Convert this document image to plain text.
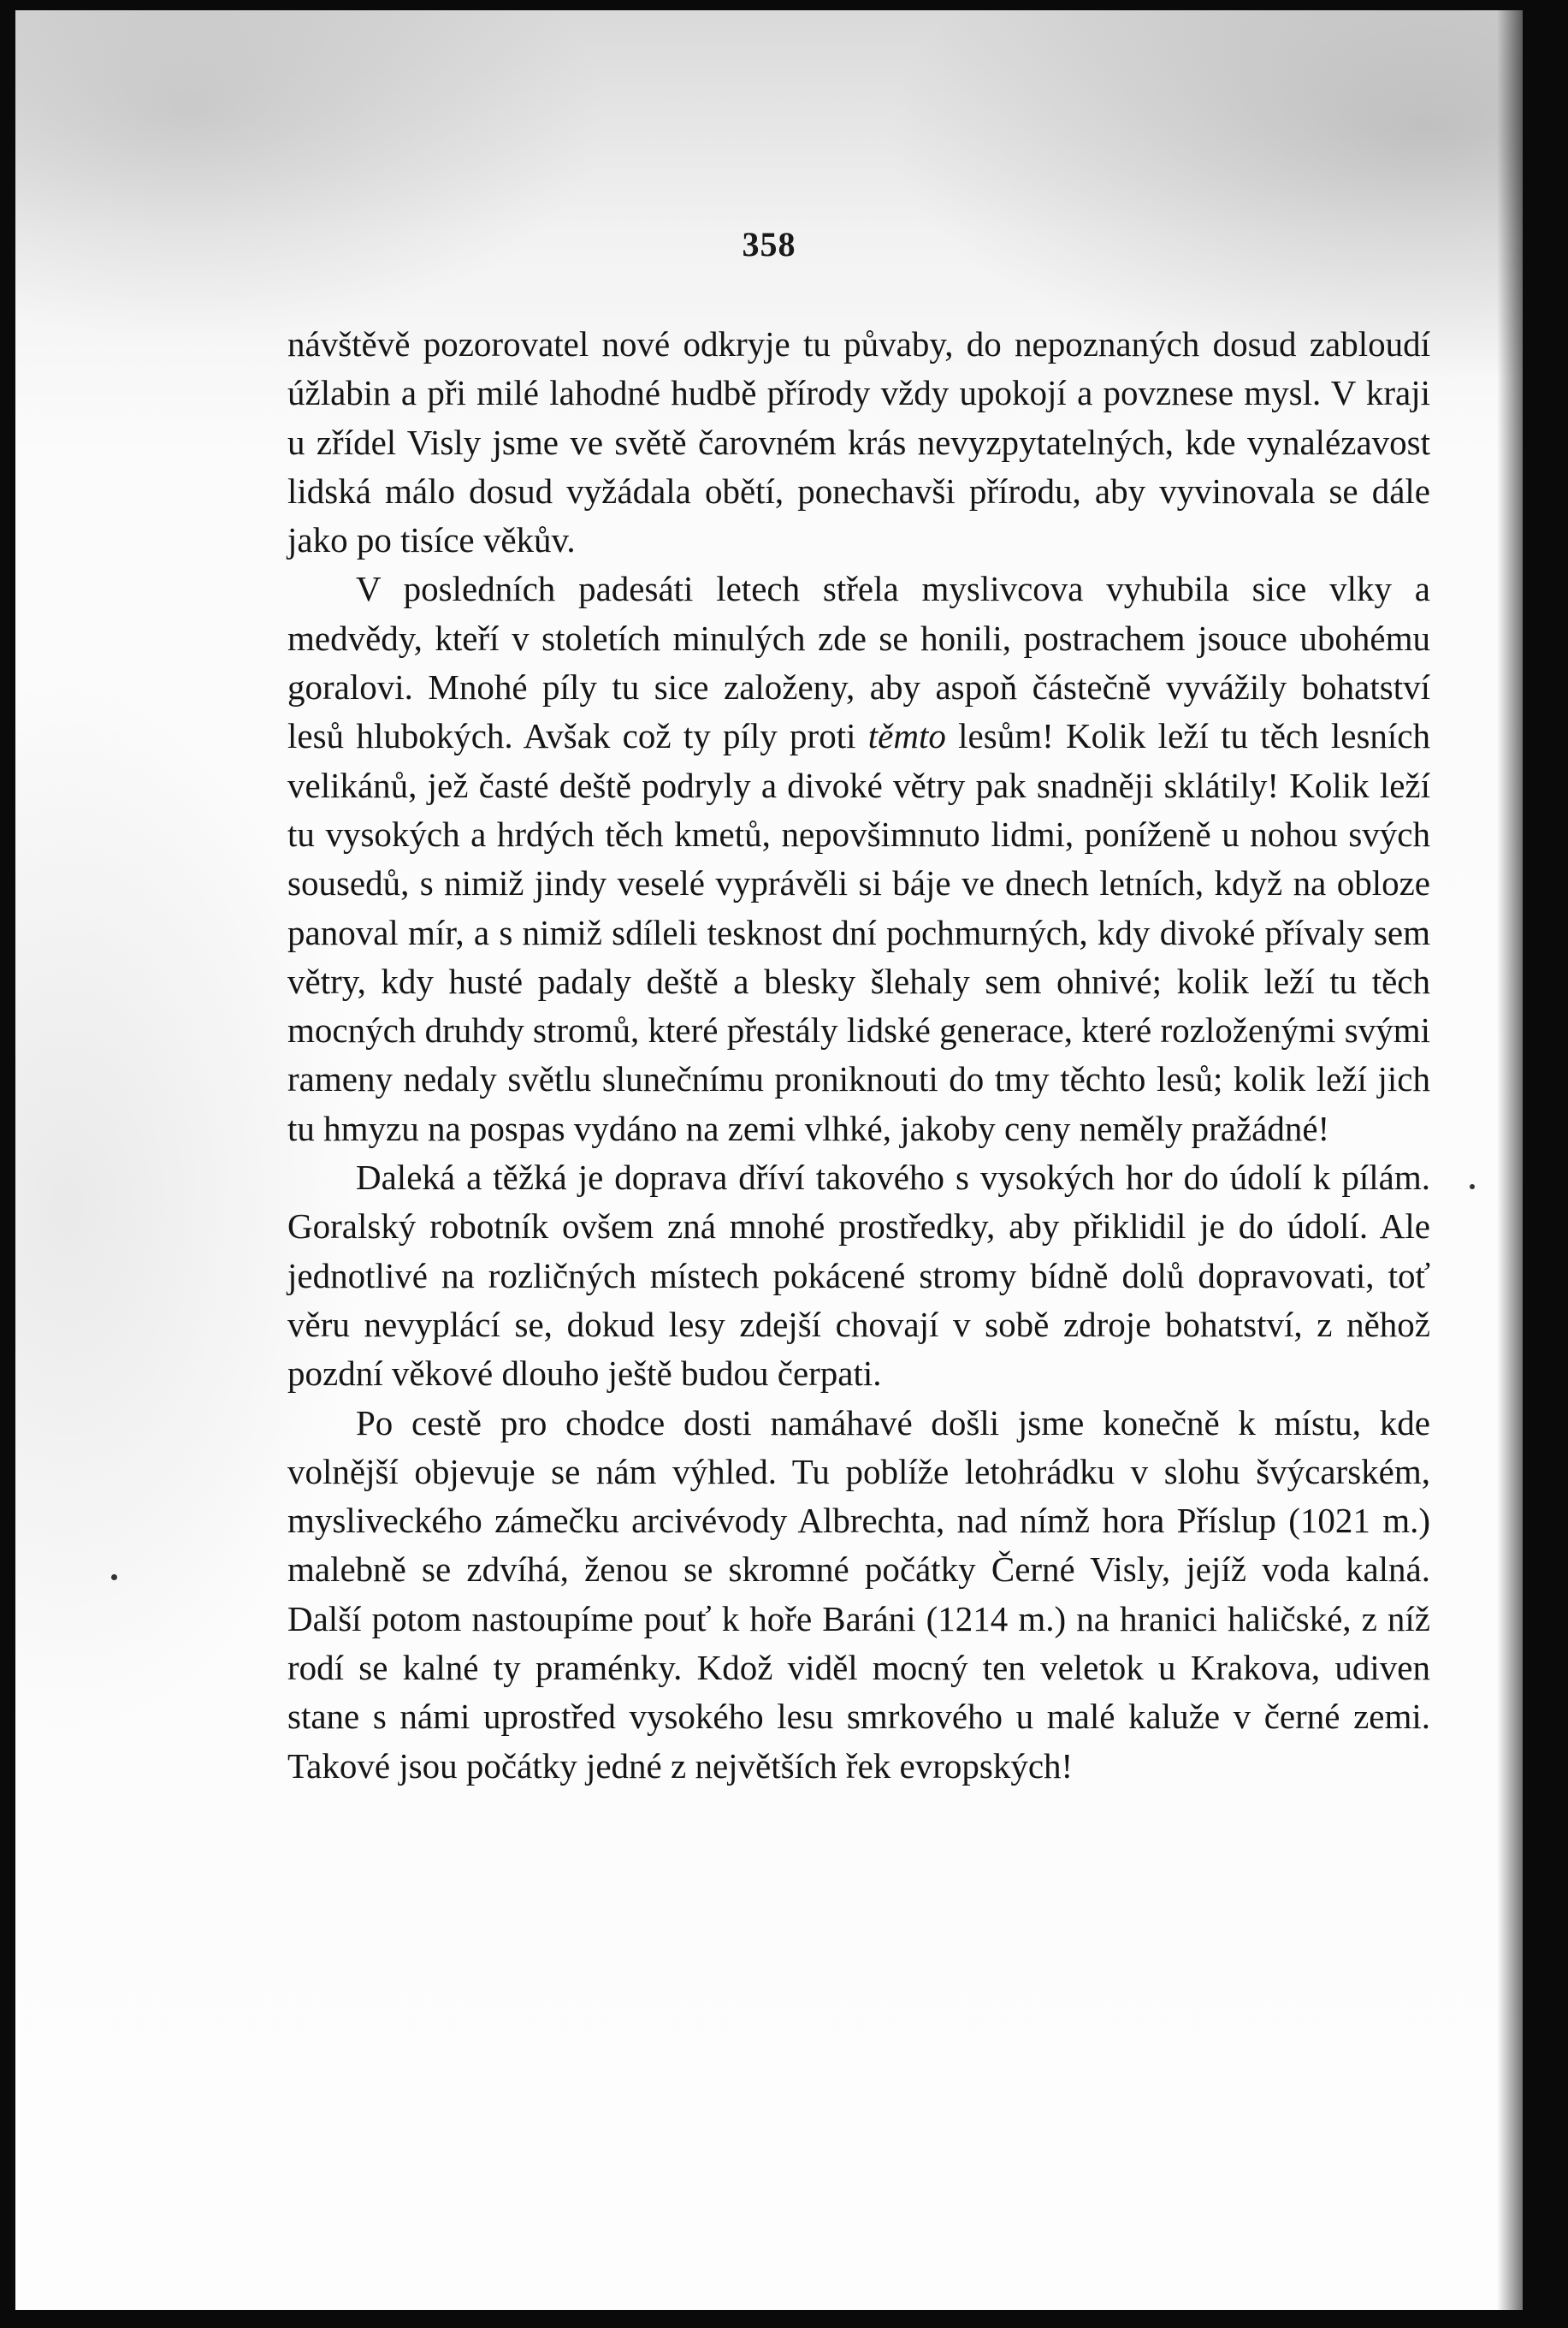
358

návštěvě pozorovatel nové odkryje tu půvaby, do nepoznaných dosud zabloudí úžlabin a při milé lahodné hudbě přírody vždy upokojí a povznese mysl. V kraji u zřídel Visly jsme ve světě čarovném krás nevyzpytatelných, kde vynalézavost lidská málo dosud vyžádala obětí, ponechavši přírodu, aby vyvinovala se dále jako po tisíce věkův.

V posledních padesáti letech střela myslivcova vyhubila sice vlky a medvědy, kteří v stoletích minulých zde se honili, postrachem jsouce ubohému goralovi. Mnohé píly tu sice založeny, aby aspoň částečně vyvážily bohatství lesů hlubokých. Avšak což ty píly proti těmto lesům! Kolik leží tu těch lesních velikánů, jež časté deště podryly a divoké větry pak snadněji sklátily! Kolik leží tu vysokých a hrdých těch kmetů, nepovšimnuto lidmi, poníženě u nohou svých sousedů, s nimiž jindy veselé vyprávěli si báje ve dnech letních, když na obloze panoval mír, a s nimiž sdíleli tesknost dní pochmurných, kdy divoké přívaly sem větry, kdy husté padaly deště a blesky šlehaly sem ohnivé; kolik leží tu těch mocných druhdy stromů, které přestály lidské generace, které rozloženými svými rameny nedaly světlu slunečnímu proniknouti do tmy těchto lesů; kolik leží jich tu hmyzu na pospas vydáno na zemi vlhké, jakoby ceny neměly pražádné!

Daleká a těžká je doprava dříví takového s vysokých hor do údolí k pílám. Goralský robotník ovšem zná mnohé prostředky, aby přiklidil je do údolí. Ale jednotlivé na rozličných místech pokácené stromy bídně dolů dopravovati, toť věru nevyplácí se, dokud lesy zdejší chovají v sobě zdroje bohatství, z něhož pozdní věkové dlouho ještě budou čerpati.

Po cestě pro chodce dosti namáhavé došli jsme konečně k místu, kde volnější objevuje se nám výhled. Tu poblíže letohrádku v slohu švýcarském, mysliveckého zámečku arcivévody Albrechta, nad nímž hora Příslup (1021 m.) malebně se zdvíhá, ženou se skromné počátky Černé Visly, jejíž voda kalná. Další potom nastoupíme pouť k hoře Baráni (1214 m.) na hranici haličské, z níž rodí se kalné ty praménky. Kdož viděl mocný ten veletok u Krakova, udiven stane s námi uprostřed vysokého lesu smrkového u malé kaluže v černé zemi. Takové jsou počátky jedné z největších řek evropských!
